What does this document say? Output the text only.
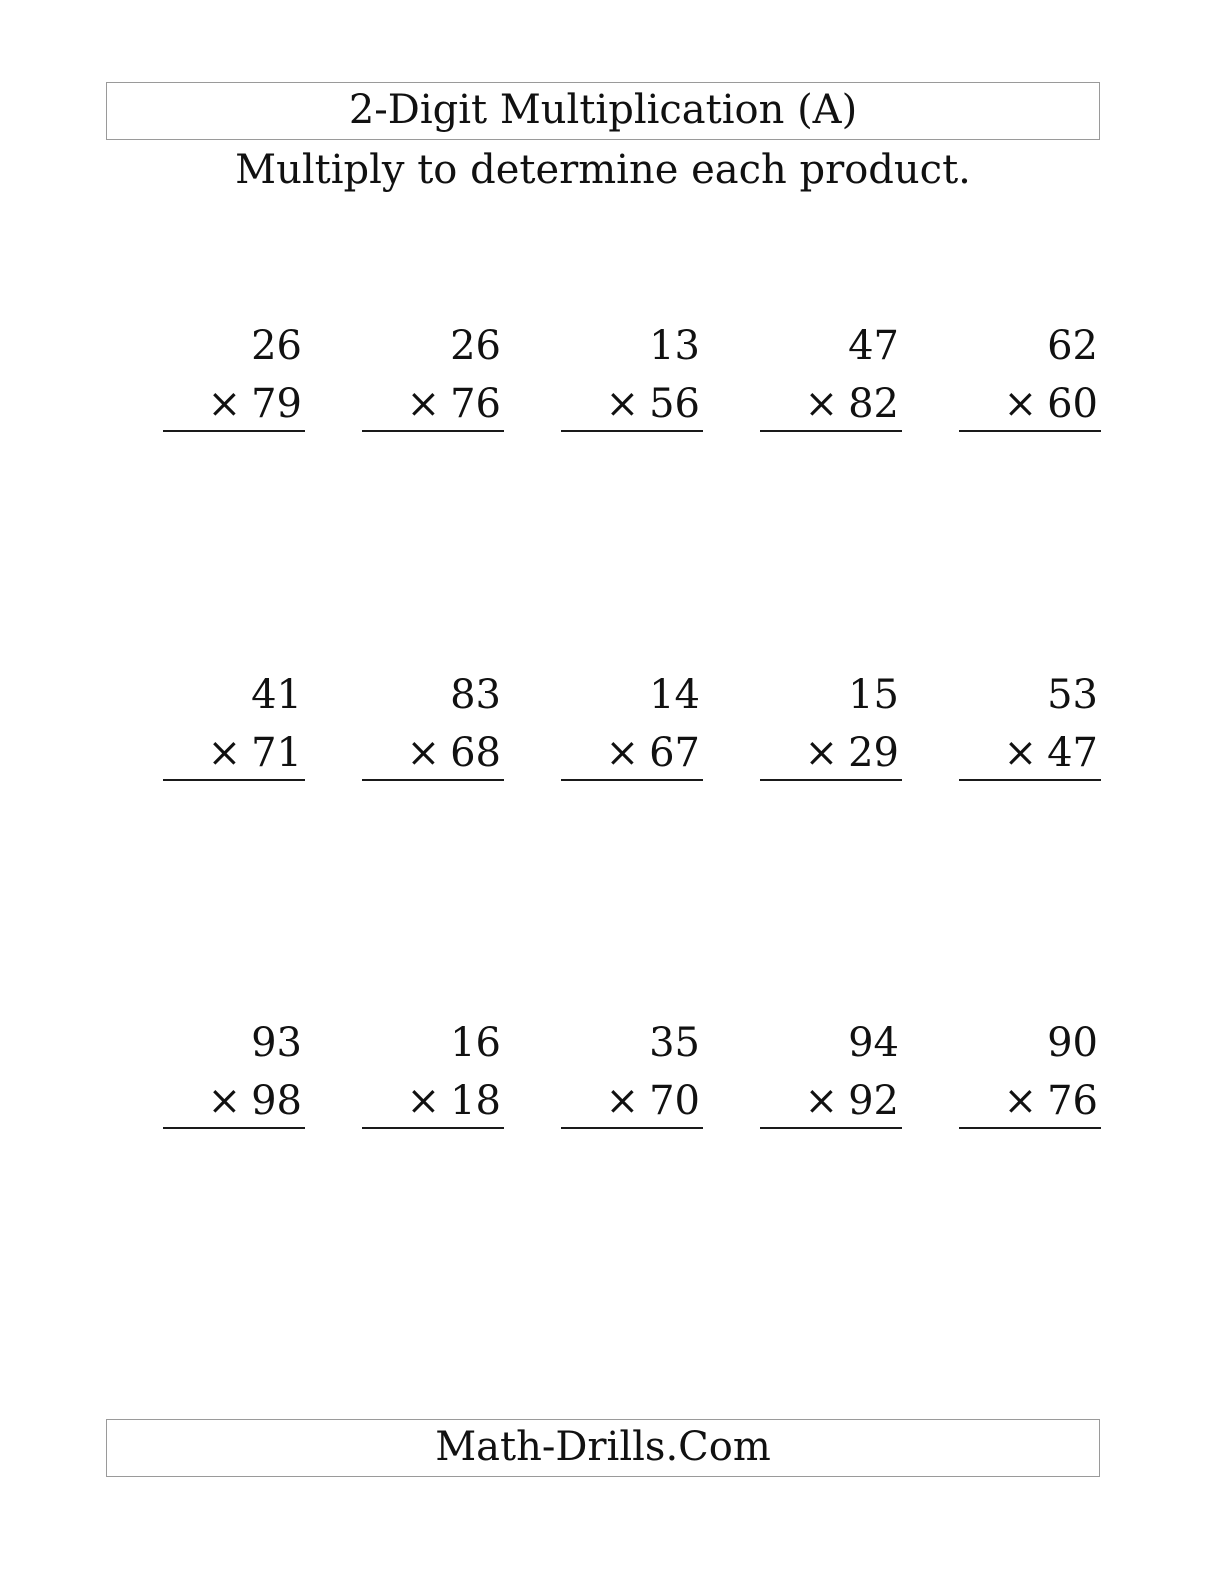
2-Digit Multiplication (A)
Multiply to determine each product.
26
× 79
26
× 76
13
× 56
47
× 82
62
× 60
41
× 71
83
× 68
14
× 67
15
× 29
53
× 47
93
× 98
16
× 18
35
× 70
94
× 92
90
× 76
Math-Drills.Com
